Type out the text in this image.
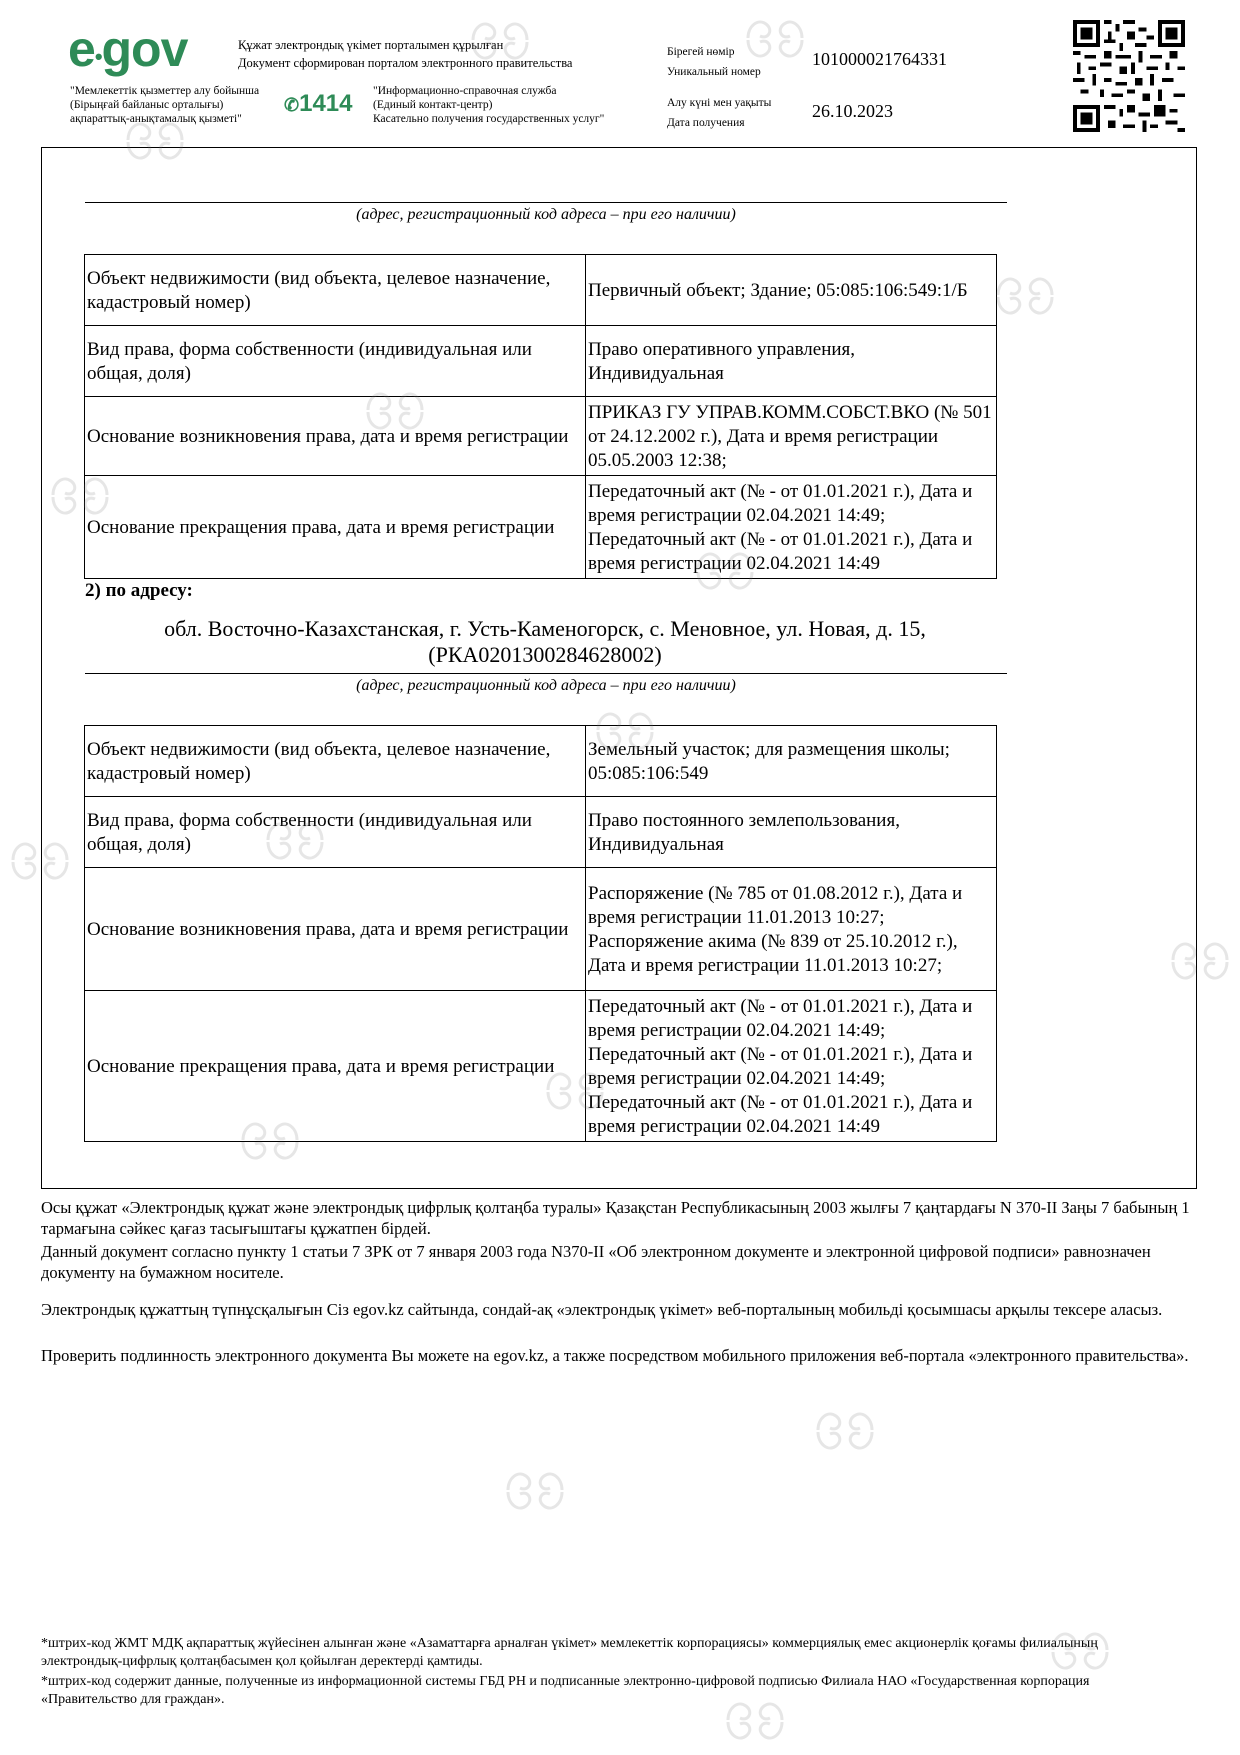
e•gov	Құжат электрондық үкімет порталымен құрылған
Документ сформирован порталом электронного правительства
"Мемлекеттік қызметтер алу бойынша
(Бірыңғай байланыс орталығы)
ақпараттық-анықтамалық қызметі"
✆1414 "Информационно-справочная служба
(Единый контакт-центр)
Касательно получения государственных услуг"
Бірегей нөмір
Уникальный номер
101000021764331
Алу күні мен уақыты
Дата получения
26.10.2023
(адрес, регистрационный код адреса – при его наличии)
Объект недвижимости (вид объекта, целевое назначение, кадастровый номер)	Первичный объект; Здание; 05:085:106:549:1/Б
Вид права, форма собственности (индивидуальная или общая, доля)	Право оперативного управления, Индивидуальная
Основание возникновения права, дата и время регистрации	ПРИКАЗ ГУ УПРАВ.КОММ.СОБСТ.ВКО (№ 501 от 24.12.2002 г.), Дата и время регистрации 05.05.2003 12:38;
Основание прекращения права, дата и время регистрации	Передаточный акт (№ - от 01.01.2021 г.), Дата и время регистрации 02.04.2021 14:49; Передаточный акт (№ - от 01.01.2021 г.), Дата и время регистрации 02.04.2021 14:49
2) по адресу:
обл. Восточно-Казахстанская, г. Усть-Каменогорск, с. Меновное, ул. Новая, д. 15,
(РКА0201300284628002)
(адрес, регистрационный код адреса – при его наличии)
Объект недвижимости (вид объекта, целевое назначение, кадастровый номер)	Земельный участок; для размещения школы; 05:085:106:549
Вид права, форма собственности (индивидуальная или общая, доля)	Право постоянного землепользования, Индивидуальная
Основание возникновения права, дата и время регистрации	Распоряжение (№ 785 от 01.08.2012 г.), Дата и время регистрации 11.01.2013 10:27; Распоряжение акима (№ 839 от 25.10.2012 г.), Дата и время регистрации 11.01.2013 10:27;
Основание прекращения права, дата и время регистрации	Передаточный акт (№ - от 01.01.2021 г.), Дата и время регистрации 02.04.2021 14:49; Передаточный акт (№ - от 01.01.2021 г.), Дата и время регистрации 02.04.2021 14:49; Передаточный акт (№ - от 01.01.2021 г.), Дата и время регистрации 02.04.2021 14:49
Осы құжат «Электрондық құжат және электрондық цифрлық қолтаңба туралы» Қазақстан Республикасының 2003 жылғы 7 қаңтардағы N 370-II Заңы 7 бабының 1 тармағына сәйкес қағаз тасығыштағы құжатпен бірдей.
Данный документ согласно пункту 1 статьи 7 ЗРК от 7 января 2003 года N370-II «Об электронном документе и электронной цифровой подписи» равнозначен документу на бумажном носителе.
Электрондық құжаттың түпнұсқалығын Сіз egov.kz сайтында, сондай-ақ «электрондық үкімет» веб-порталының мобильді қосымшасы арқылы тексере аласыз.
Проверить подлинность электронного документа Вы можете на egov.kz, а также посредством мобильного приложения веб-портала «электронного правительства».
*штрих-код ЖМТ МДҚ ақпараттық жүйесінен алынған және «Азаматтарға арналған үкімет» мемлекеттік корпорациясы» коммерциялық емес акционерлік қоғамы филиалының электрондық-цифрлық қолтаңбасымен қол қойылған деректерді қамтиды.
*штрих-код содержит данные, полученные из информационной системы ГБД РН и подписанные электронно-цифровой подписью Филиала НАО «Государственная корпорация «Правительство для граждан».
